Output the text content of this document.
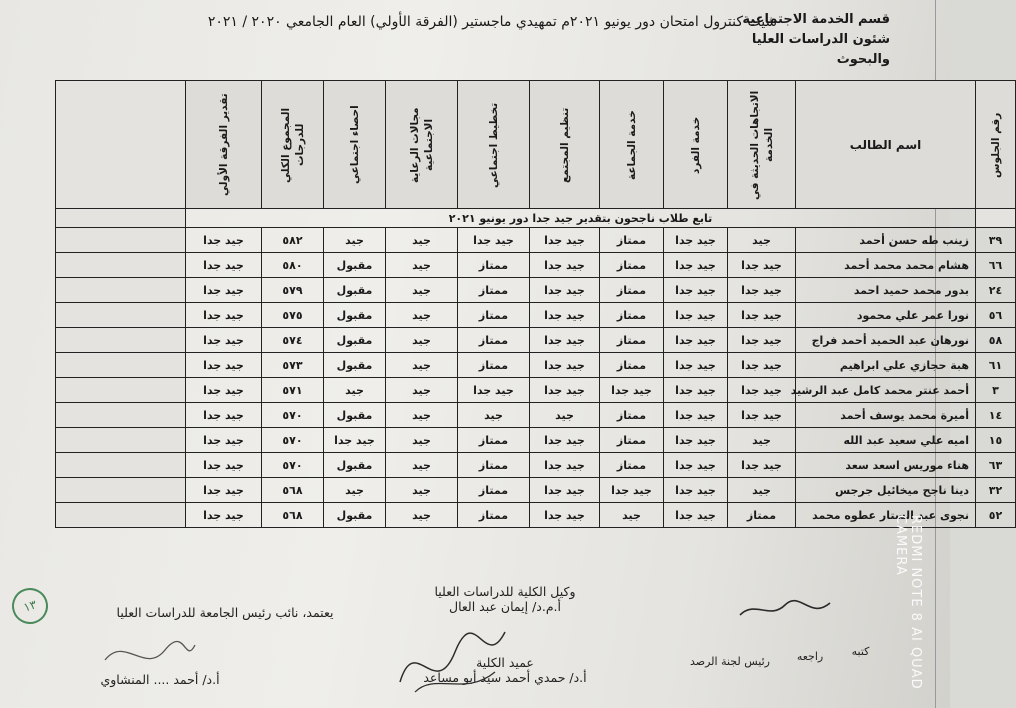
شيت كنترول امتحان دور يونيو ٢٠٢١م تمهيدي ماجستير (الفرقة الأولي) العام الجامعي ٢٠٢٠ / ٢٠٢١
قسم الخدمة الاجتماعية
شئون الدراسات العليا والبحوث
رقم الجلوس	اسم الطالب	الاتجاهات الحديثة في الخدمة	خدمة الفرد	خدمة الجماعة	تنظيم المجتمع	تخطيط اجتماعي	مجالات الرعاية الاجتماعية	احصاء اجتماعي	المجموع الكلي للدرجات	تقدير الفرقة الأولي	

	تابع طلاب ناجحون بتقدير جيد جدا دور يونيو ٢٠٢١										
٣٩	زينب طه حسن أحمد	جيد	جيد جدا	ممتاز	جيد جدا	جيد جدا	جيد	جيد	٥٨٢	جيد جدا	
٦٦	هشام محمد محمد أحمد	جيد جدا	جيد جدا	ممتاز	جيد جدا	ممتاز	جيد	مقبول	٥٨٠	جيد جدا	
٢٤	بدور محمد حميد احمد	جيد جدا	جيد جدا	ممتاز	جيد جدا	ممتاز	جيد	مقبول	٥٧٩	جيد جدا	
٥٦	نورا عمر علي محمود	جيد جدا	جيد جدا	ممتاز	جيد جدا	ممتاز	جيد	مقبول	٥٧٥	جيد جدا	
٥٨	نورهان عبد الحميد أحمد فراج	جيد جدا	جيد جدا	ممتاز	جيد جدا	ممتاز	جيد	مقبول	٥٧٤	جيد جدا	
٦١	هبة حجازي علي ابراهيم	جيد جدا	جيد جدا	ممتاز	جيد جدا	ممتاز	جيد	مقبول	٥٧٣	جيد جدا	
٣	أحمد عنتر محمد كامل عبد الرشيد	جيد جدا	جيد جدا	جيد جدا	جيد جدا	جيد جدا	جيد	جيد	٥٧١	جيد جدا	
١٤	أميرة محمد يوسف أحمد	جيد جدا	جيد جدا	ممتاز	جيد	جيد	جيد	مقبول	٥٧٠	جيد جدا	
١٥	اميه علي سعيد عبد الله	جيد	جيد جدا	ممتاز	جيد جدا	ممتاز	جيد	جيد جدا	٥٧٠	جيد جدا	
٦٣	هناء موريس اسعد سعد	جيد جدا	جيد جدا	ممتاز	جيد جدا	ممتاز	جيد	مقبول	٥٧٠	جيد جدا	
٣٢	دينا ناجح ميخائيل جرجس	جيد	جيد جدا	جيد جدا	جيد جدا	ممتاز	جيد	جيد	٥٦٨	جيد جدا	
٥٢	نجوى عبد الستار عطوه محمد	ممتاز	جيد جدا	جيد	جيد جدا	ممتاز	جيد	مقبول	٥٦٨	جيد جدا	
وكيل الكلية للدراسات العليا
أ.م.د/ إيمان عبد العال
عميد الكلية
أ.د/ حمدي أحمد سيد أبو مساعد
يعتمد، نائب رئيس الجامعة للدراسات العليا
أ.د/ أحمد .... المنشاوي
رئيس لجنة الرصد	راجعه	كتبه
١٣	REDMI NOTE 8 AI QUAD CAMERA
